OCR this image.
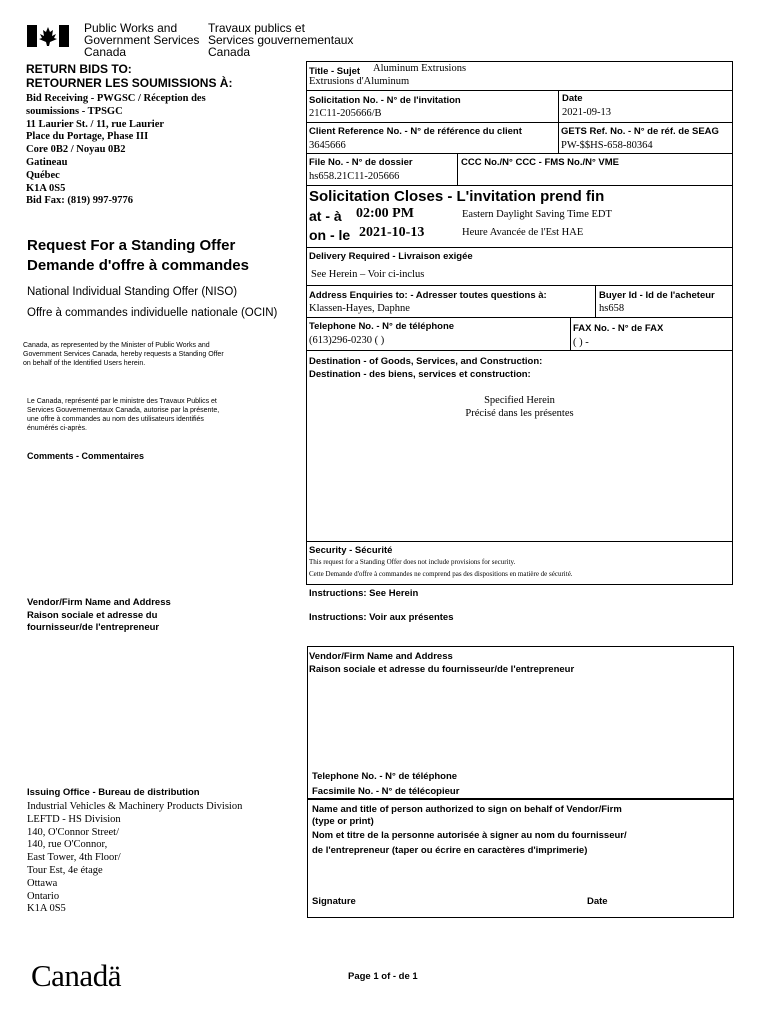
Public Works and
Government Services
Canada
Travaux publics et
Services gouvernementaux
Canada
RETURN BIDS TO:
RETOURNER LES SOUMISSIONS À:
Bid Receiving - PWGSC / Réception des
soumissions - TPSGC
11 Laurier St. / 11, rue Laurier
Place du Portage, Phase III
Core 0B2 / Noyau 0B2
Gatineau
Québec
K1A 0S5
Bid Fax: (819) 997-9776
Request For a Standing Offer
Demande d'offre à commandes
National Individual Standing Offer (NISO)
Offre à commandes individuelle nationale (OCIN)
Canada, as represented by the Minister of Public Works and
Government Services Canada, hereby requests a Standing Offer
on behalf of the Identified Users herein.
Le Canada, représenté par le ministre des Travaux Publics et
Services Gouvernementaux Canada, autorise par la présente,
une offre à commandes au nom des utilisateurs identifiés
énumérés ci-après.
Comments - Commentaires
Vendor/Firm Name and Address
Raison sociale et adresse du
fournisseur/de l'entrepreneur
Issuing Office - Bureau de distribution
Industrial Vehicles & Machinery Products Division
LEFTD - HS Division
140, O'Connor Street/
140, rue O'Connor,
East Tower, 4th Floor/
Tour Est, 4e étage
Ottawa
Ontario
K1A 0S5
Title - Sujet Aluminum Extrusions
Extrusions d'Aluminum
Solicitation No. - N° de l'invitation
21C11-205666/B
Date
2021-09-13
Client Reference No. - N° de référence du client
3645666
GETS Ref. No. - N° de réf. de SEAG
PW-$$HS-658-80364
File No. - N° de dossier
hs658.21C11-205666
CCC No./N° CCC - FMS No./N° VME
Solicitation Closes - L'invitation prend fin
at - à 02:00 PM	Eastern Daylight Saving Time EDT
on - le 2021-10-13	Heure Avancée de l'Est HAE
Delivery Required - Livraison exigée
See Herein – Voir ci-inclus
Address Enquiries to: - Adresser toutes questions à:
Klassen-Hayes, Daphne
Buyer Id - Id de l'acheteur
hs658
Telephone No. - N° de téléphone
(613)296-0230 ( )
FAX No. - N° de FAX
( ) -
Destination - of Goods, Services, and Construction:
Destination - des biens, services et construction:
Specified Herein
Précisé dans les présentes
Security - Sécurité
This request for a Standing Offer does not include provisions for security.
Cette Demande d'offre à commandes ne comprend pas des dispositions en matière de sécurité.
Instructions: See Herein
Instructions: Voir aux présentes
Vendor/Firm Name and Address
Raison sociale et adresse du fournisseur/de l'entrepreneur
Telephone No. - N° de téléphone
Facsimile No. - N° de télécopieur
Name and title of person authorized to sign on behalf of Vendor/Firm
(type or print)
Nom et titre de la personne autorisée à signer au nom du fournisseur/
de l'entrepreneur (taper ou écrire en caractères d'imprimerie)
Signature	Date
Canadä	Page 1 of - de 1
